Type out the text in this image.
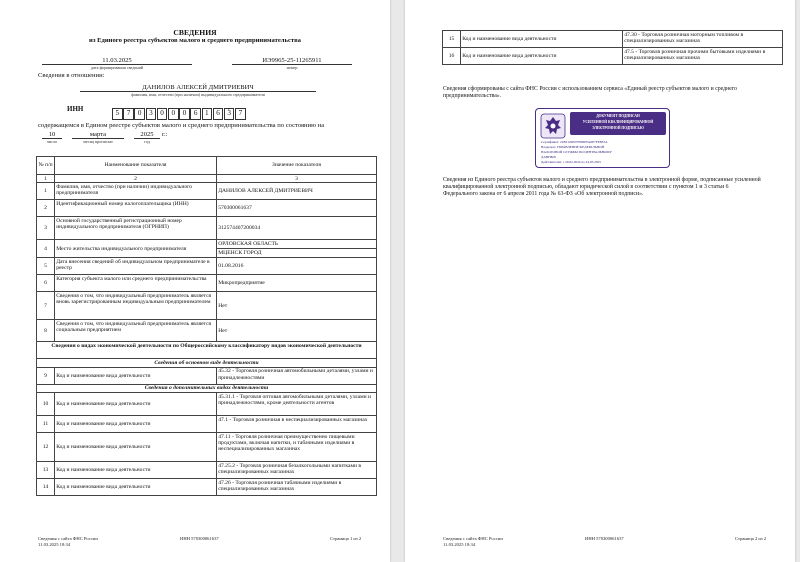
СВЕДЕНИЯ
из Единого реестра субъектов малого и среднего предпринимательства
11.03.2025
дата формирования сведений
ИЭ9965-25-11265911
номер
Сведения в отношении:
ДАНИЛОВ АЛЕКСЕЙ ДМИТРИЕВИЧ
фамилия, имя, отчество (при наличии) индивидуального предпринимателя
ИНН	5 7 0 3 0 0 0 6 1 6 3 7
,
содержащемся в Едином реестре субъектов малого и среднего предпринимательства по состоянию на
10
число
марта
месяц прописью
2025	г.:
год
№ п/п	Наименование показателя	Значение показателя
1	2	3
1	Фамилия, имя, отчество (при наличии) индивидуального предпринимателя	ДАНИЛОВ АЛЕКСЕЙ ДМИТРИЕВИЧ
2	Идентификационный номер налогоплательщика (ИНН)	570300061637
3	Основной государственный регистрационный номер индивидуального предпринимателя (ОГРНИП)	312574407200034
4	Место жительства индивидуального предпринимателя	ОРЛОВСКАЯ ОБЛАСТЬ
		МЦЕНСК ГОРОД
5	Дата внесения сведений об индивидуальном предпринимателе в реестр	01.08.2016
6	Категория субъекта малого или среднего предпринимательства	Микропредприятие
7	Сведения о том, что индивидуальный предприниматель является вновь зарегистрированным индивидуальным предпринимателем	Нет
8	Сведения о том, что индивидуальный предприниматель является социальным предприятием	Нет
Сведения о видах экономической деятельности по Общероссийскому классификатору видов экономической деятельности		
Сведения об основном виде деятельности		
9	Код и наименование вида деятельности	45.32 - Торговля розничная автомобильными деталями, узлами и принадлежностями
Сведения о дополнительных видах деятельности		
10	Код и наименование вида деятельности	45.31.1 - Торговля оптовая автомобильными деталями, узлами и принадлежностями, кроме деятельности агентов
11	Код и наименование вида деятельности	47.1 - Торговля розничная в неспециализированных магазинах
12	Код и наименование вида деятельности	47.11 - Торговля розничная преимущественно пищевыми продуктами, включая напитки, и табачными изделиями в неспециализированных магазинах
13	Код и наименование вида деятельности	47.25.2 - Торговля розничная безалкогольными напитками в специализированных магазинах
14	Код и наименование вида деятельности	47.26 - Торговля розничная табачными изделиями в специализированных магазинах
Сведения с сайта ФНС России
11.03.2025 18:34
ИНН 570300061637	Страница 1 из 2
15	Код и наименование вида деятельности	47.30 - Торговля розничная моторным топливом в специализированных магазинах
16	Код и наименование вида деятельности	47.5 - Торговля розничная прочими бытовыми изделиями в специализированных магазинах
Сведения сформированы с сайта ФНС России с использованием сервиса «Единый реестр субъектов малого и среднего предпринимательства».
ДОКУМЕНТ ПОДПИСАН
УСИЛЕННОЙ КВАЛИФИЦИРОВАННОЙ
ЭЛЕКТРОННОЙ ПОДПИСЬЮ
Сертификат: 22E6129007F896F0A6E7FE8F2A
Владелец: УПРАВЛЕНИЕ ФЕДЕРАЛЬНОЙ
НАЛОГОВОЙ СЛУЖБЫ ПО ЦЕНТРАЛЬНОМУ
ДАННЫХ
Действителен: с 29.02.2024 по 24.05.2025
Сведения из Единого реестра субъектов малого и среднего предпринимательства в электронной форме, подписанные усиленной квалифицированной электронной подписью, обладают юридической силой в соответствии с пунктом 1 и 3 статьи 6 Федерального закона от 6 апреля 2011 года № 63-ФЗ «Об электронной подписи».
Сведения с сайта ФНС России
11.03.2025 18:34
ИНН 570300061637	Страница 2 из 2
